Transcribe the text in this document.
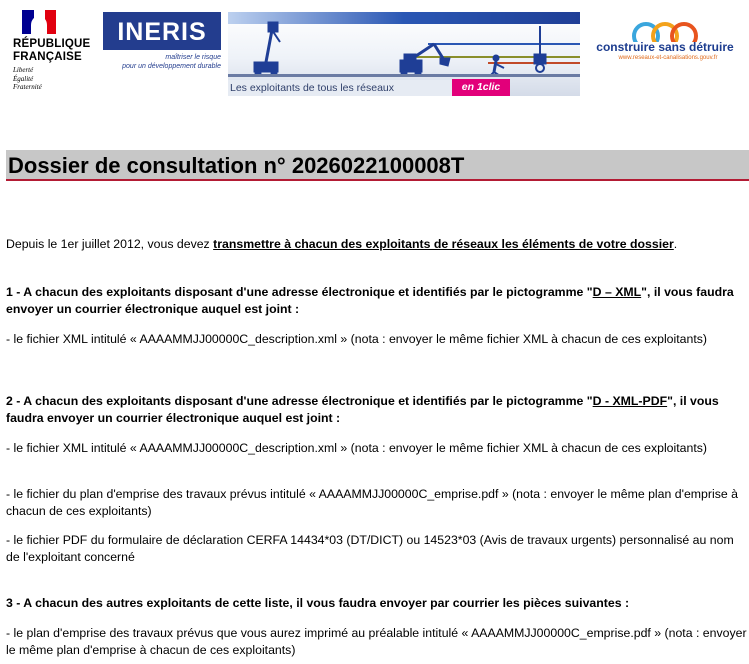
RÉPUBLIQUE
FRANÇAISE
Liberté
Égalité
Fraternité
INERIS
maîtriser le risque
pour un développement durable
Les exploitants de tous les réseaux	en 1clic
construire sans détruire
www.reseaux-et-canalisations.gouv.fr
Dossier de consultation n° 2026022100008T

Depuis le 1er juillet 2012, vous devez transmettre à chacun des exploitants de réseaux les éléments de votre dossier.

1 - A chacun des exploitants disposant d'une adresse électronique et identifiés par le pictogramme "D – XML", il vous faudra envoyer un courrier électronique auquel est joint :

- le fichier XML intitulé « AAAAMMJJ00000C_description.xml » (nota : envoyer le même fichier XML à chacun de ces exploitants)

2 - A chacun des exploitants disposant d'une adresse électronique et identifiés par le pictogramme "D - XML-PDF", il vous faudra envoyer un courrier électronique auquel est joint :

- le fichier XML intitulé « AAAAMMJJ00000C_description.xml » (nota : envoyer le même fichier XML à chacun de ces exploitants)

- le fichier du plan d'emprise des travaux prévus intitulé « AAAAMMJJ00000C_emprise.pdf » (nota : envoyer le même plan d'emprise à chacun de ces exploitants)

- le fichier PDF du formulaire de déclaration CERFA 14434*03 (DT/DICT) ou 14523*03 (Avis de travaux urgents) personnalisé au nom de l'exploitant concerné

3 - A chacun des autres exploitants de cette liste, il vous faudra envoyer par courrier les pièces suivantes :

- le plan d'emprise des travaux prévus que vous aurez imprimé au préalable intitulé « AAAAMMJJ00000C_emprise.pdf » (nota : envoyer le même plan d'emprise à chacun de ces exploitants)
